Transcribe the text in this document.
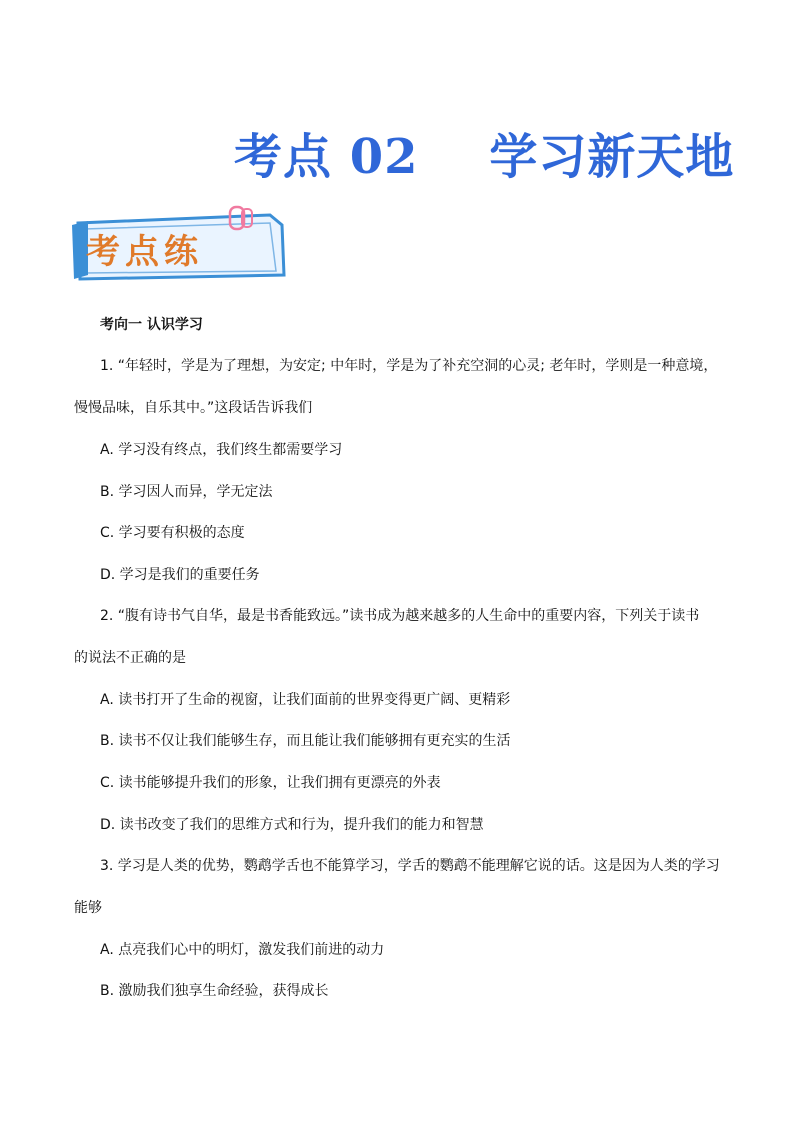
考点 02    学习新天地
考点练
考向一 认识学习
1. “年轻时，学是为了理想，为安定; 中年时，学是为了补充空洞的心灵; 老年时，学则是一种意境，
慢慢品味，自乐其中。”这段话告诉我们
A. 学习没有终点，我们终生都需要学习
B. 学习因人而异，学无定法
C. 学习要有积极的态度
D. 学习是我们的重要任务
2. “腹有诗书气自华，最是书香能致远。”读书成为越来越多的人生命中的重要内容，下列关于读书
的说法不正确的是
A. 读书打开了生命的视窗，让我们面前的世界变得更广阔、更精彩
B. 读书不仅让我们能够生存，而且能让我们能够拥有更充实的生活
C. 读书能够提升我们的形象，让我们拥有更漂亮的外表
D. 读书改变了我们的思维方式和行为，提升我们的能力和智慧
3. 学习是人类的优势，鹦鹉学舌也不能算学习，学舌的鹦鹉不能理解它说的话。这是因为人类的学习
能够
A. 点亮我们心中的明灯，激发我们前进的动力
B. 激励我们独享生命经验，获得成长
